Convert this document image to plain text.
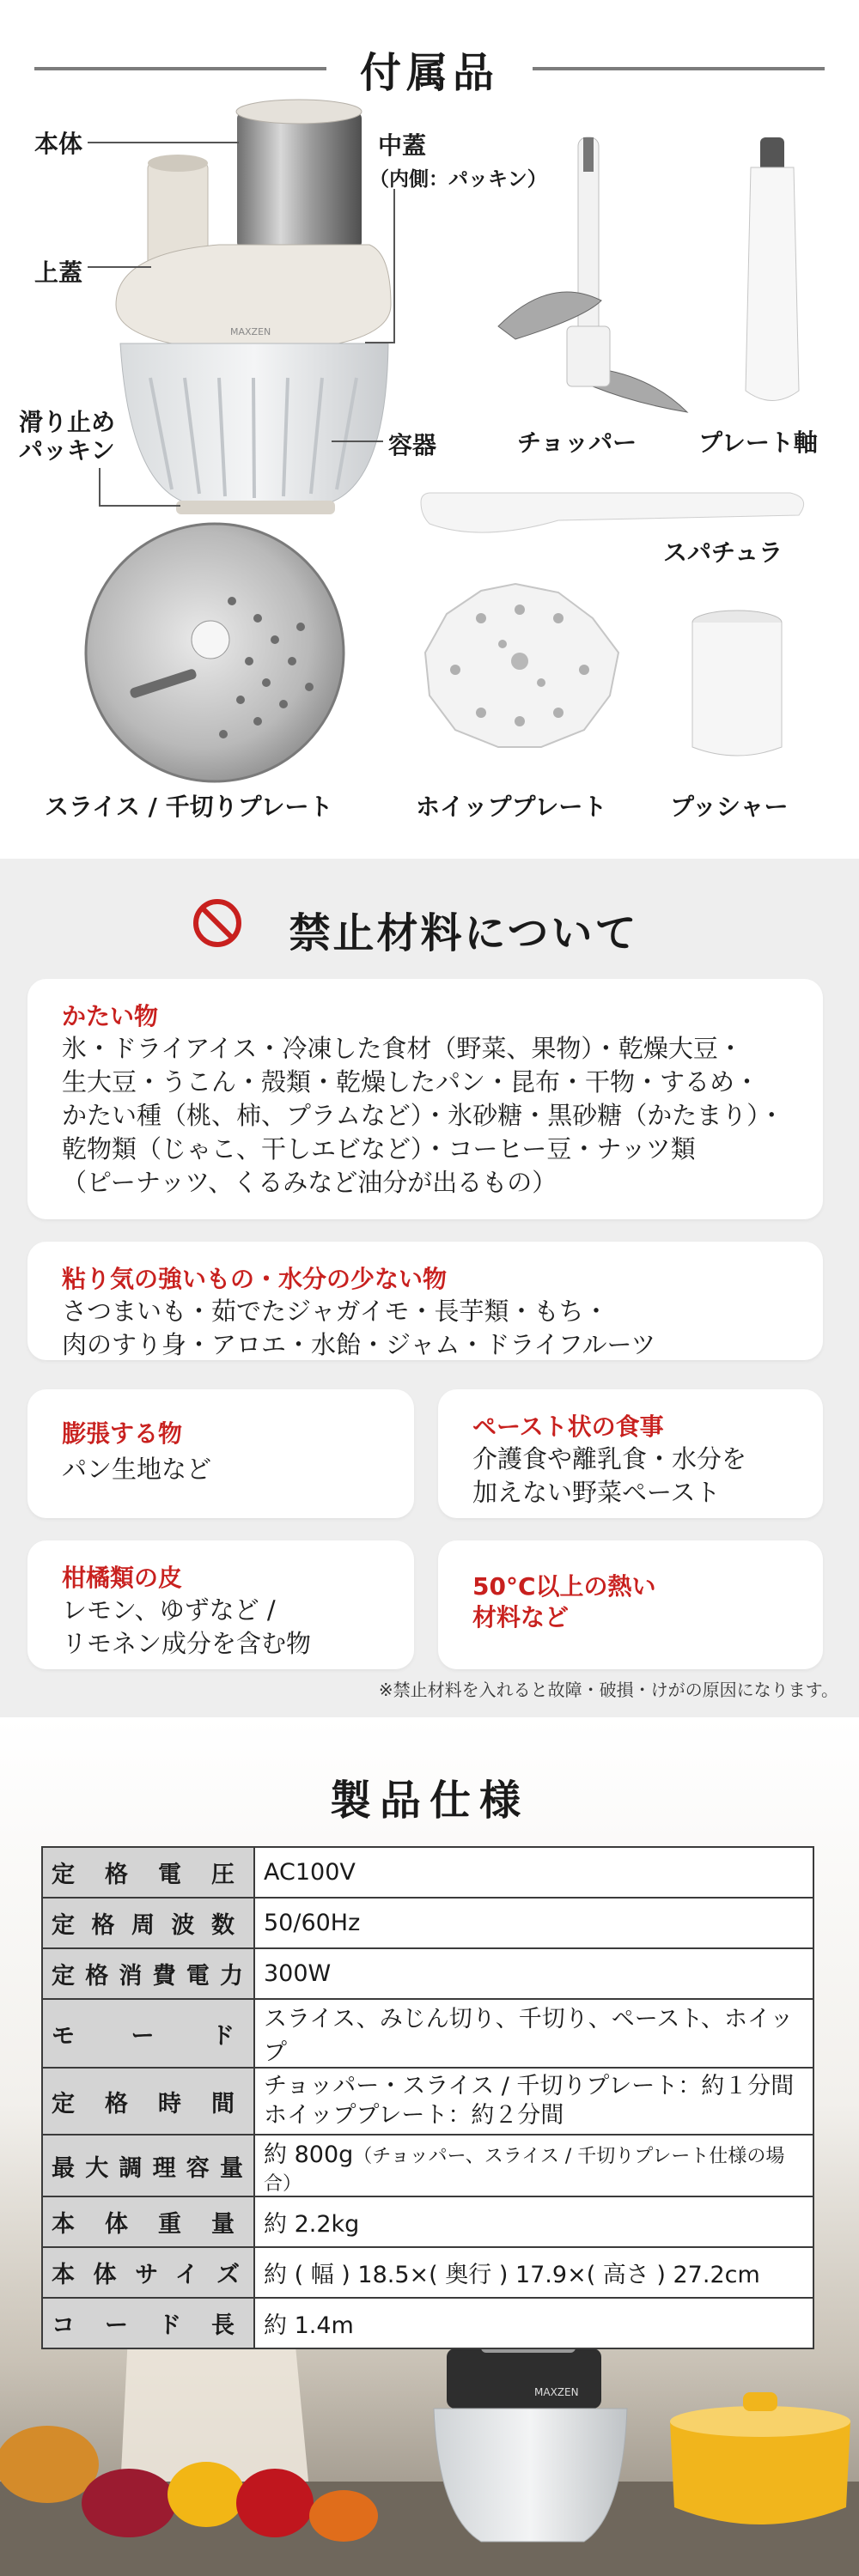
付属品
MAXZEN
本体
上蓋
中蓋
（内側：パッキン）
滑り止め
パッキン	容器	チョッパー	プレート軸
スパチュラ
スライス / 千切りプレート	ホイッププレート	プッシャー
禁止材料について
かたい物
氷・ドライアイス・冷凍した食材（野菜、果物）・乾燥大豆・
生大豆・うこん・殻類・乾燥したパン・昆布・干物・するめ・
かたい種（桃、柿、プラムなど）・氷砂糖・黒砂糖（かたまり）・
乾物類（じゃこ、干しエビなど）・コーヒー豆・ナッツ類
（ピーナッツ、くるみなど油分が出るもの）
粘り気の強いもの・水分の少ない物
さつまいも・茹でたジャガイモ・長芋類・もち・
肉のすり身・アロエ・水飴・ジャム・ドライフルーツ
膨張する物
パン生地など
ペースト状の食事
介護食や離乳食・水分を
加えない野菜ペースト
柑橘類の皮
レモン、ゆずなど /
リモネン成分を含む物
50°C以上の熱い
材料など
※禁止材料を入れると故障・破損・けがの原因になります。
MAXZEN
製品仕様
定格電圧	AC100V
定格周波数	50/60Hz
定格消費電力	300W
モード	スライス、みじん切り、千切り、ペースト、ホイップ
定格時間	チョッパー・スライス / 千切りプレート：約１分間
ホイッププレート：約２分間
最大調理容量	約 800g（チョッパー、スライス / 千切りプレート仕様の場合）
本体重量	約 2.2kg
本体サイズ	約 ( 幅 ) 18.5×( 奥行 ) 17.9×( 高さ ) 27.2cm
コード長	約 1.4m
